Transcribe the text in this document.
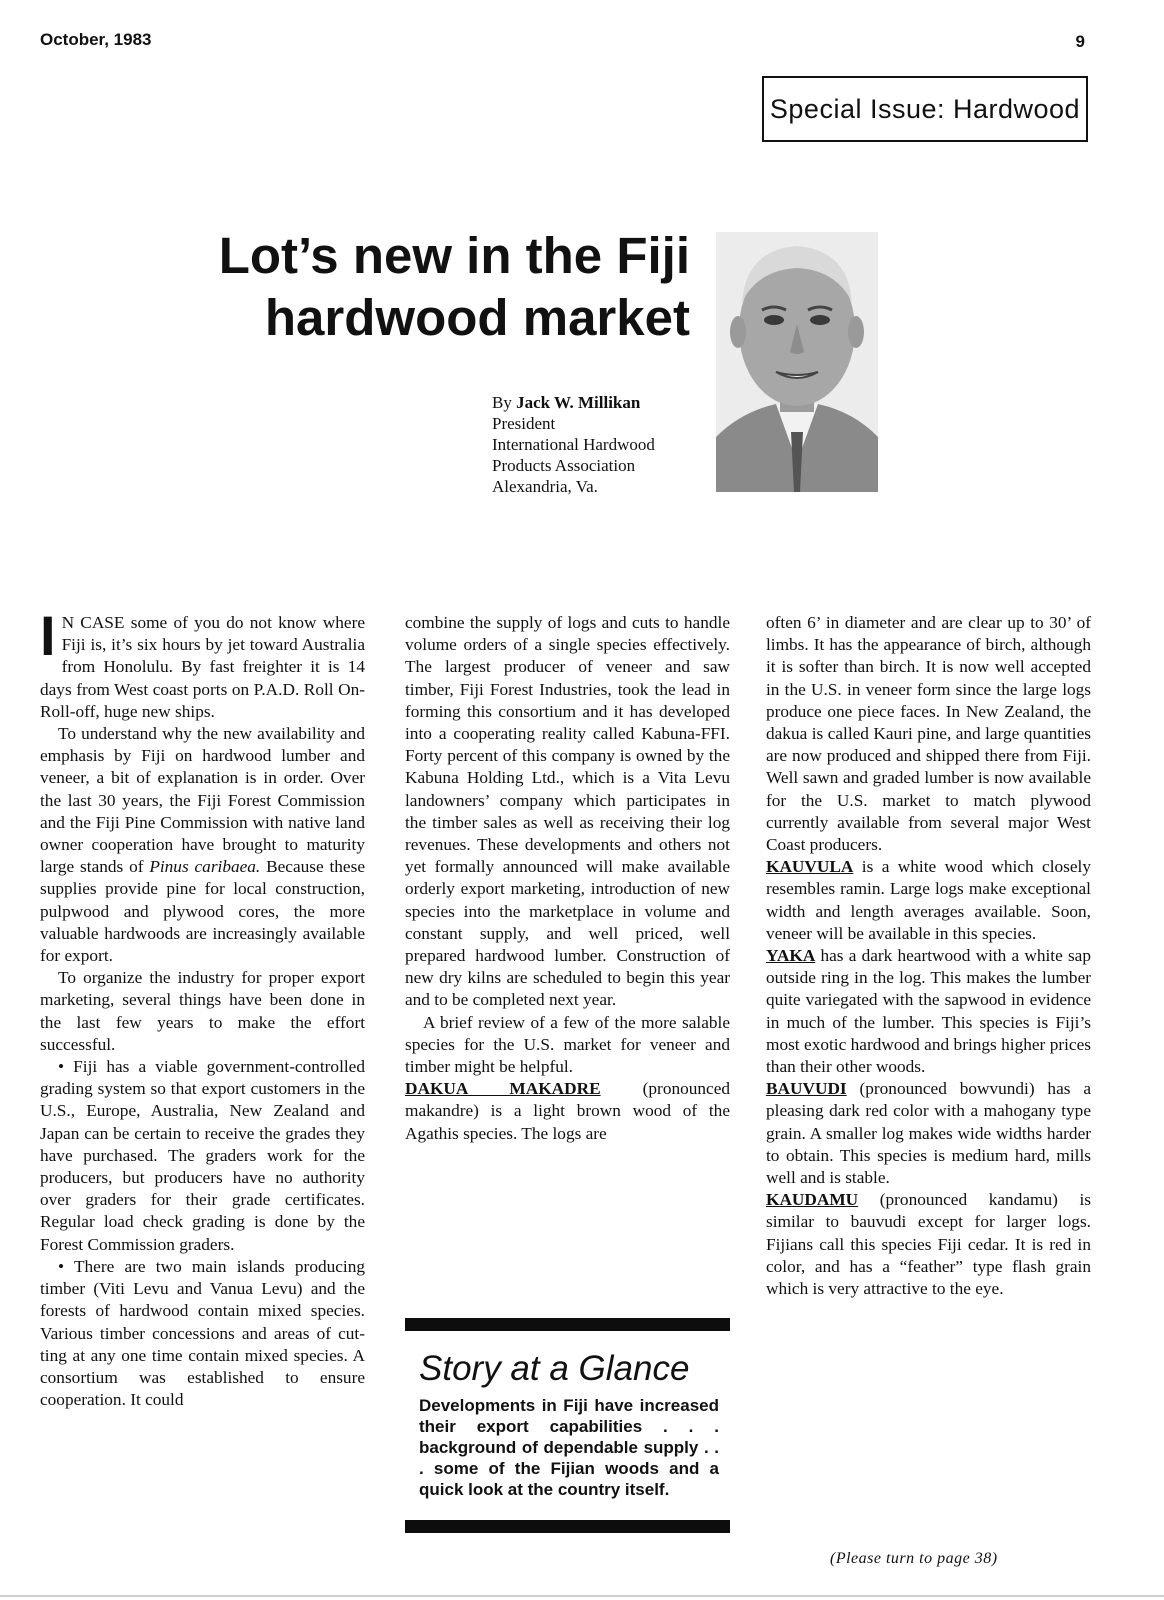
October, 1983	9
Special Issue: Hardwood
Lot’s new in the Fiji
hardwood market
By Jack W. Millikan
President
International Hardwood
Products Association
Alexandria, Va.

I N CASE some of you do not know where Fiji is, it’s six hours by jet toward Australia from Honolulu. By fast freighter it is 14 days from West coast ports on P.A.D. Roll On-Roll-off, huge new ships.

To understand why the new availability and emphasis by Fiji on hardwood lumber and veneer, a bit of explanation is in order. Over the last 30 years, the Fiji Forest Commission and the Fiji Pine Commission with native land owner cooperation have brought to maturity large stands of Pinus caribaea. Because these supplies provide pine for local construction, pulpwood and plywood cores, the more valuable hardwoods are increasingly available for export.

To organize the industry for proper export marketing, several things have been done in the last few years to make the effort successful.

• Fiji has a viable government-controlled grading system so that export customers in the U.S., Europe, Australia, New Zealand and Japan can be certain to receive the grades they have purchased. The graders work for the producers, but producers have no authority over graders for their grade certificates. Regular load check grading is done by the Forest Commission graders.

• There are two main islands producing timber (Viti Levu and Vanua Levu) and the forests of hardwood contain mixed species. Various timber concessions and areas of cutting at any one time contain mixed species. A consortium was established to ensure cooperation. It could

combine the supply of logs and cuts to handle volume orders of a single species effectively. The largest producer of veneer and saw timber, Fiji Forest Industries, took the lead in forming this consortium and it has developed into a cooperating reality called Kabuna-FFI. Forty percent of this company is owned by the Kabuna Holding Ltd., which is a Vita Levu landowners’ company which participates in the timber sales as well as receiving their log revenues. These developments and others not yet formally announced will make available orderly export marketing, introduction of new species into the marketplace in volume and constant supply, and well priced, well prepared hardwood lumber. Construction of new dry kilns are scheduled to begin this year and to be completed next year.

A brief review of a few of the more salable species for the U.S. market for veneer and timber might be helpful.

DAKUA MAKADRE (pronounced makandre) is a light brown wood of the Agathis species. The logs are

Story at a Glance
Developments in Fiji have increased their export capabilities . . . background of dependable supply . . . some of the Fijian woods and a quick look at the country itself.

often 6’ in diameter and are clear up to 30’ of limbs. It has the appearance of birch, although it is softer than birch. It is now well accepted in the U.S. in veneer form since the large logs produce one piece faces. In New Zealand, the dakua is called Kauri pine, and large quantities are now produced and shipped there from Fiji. Well sawn and graded lumber is now available for the U.S. market to match plywood currently available from several major West Coast producers.

KAUVULA is a white wood which closely resembles ramin. Large logs make exceptional width and length averages available. Soon, veneer will be available in this species.

YAKA has a dark heartwood with a white sap outside ring in the log. This makes the lumber quite variegated with the sapwood in evidence in much of the lumber. This species is Fiji’s most exotic hardwood and brings higher prices than their other woods.

BAUVUDI (pronounced bowvundi) has a pleasing dark red color with a mahogany type grain. A smaller log makes wide widths harder to obtain. This species is medium hard, mills well and is stable.

KAUDAMU (pronounced kandamu) is similar to bauvudi except for larger logs. Fijians call this species Fiji cedar. It is red in color, and has a “feather” type flash grain which is very attractive to the eye.

(Please turn to page 38)
